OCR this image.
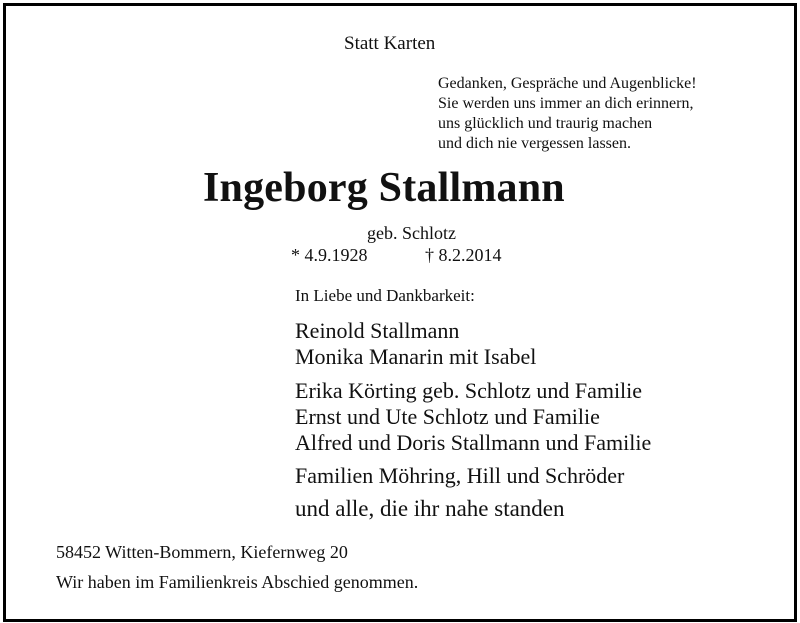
Statt Karten
Gedanken, Gespräche und Augenblicke!
Sie werden uns immer an dich erinnern,
uns glücklich und traurig machen
und dich nie vergessen lassen.
Ingeborg Stallmann
geb. Schlotz
* 4.9.1928	† 8.2.2014
In Liebe und Dankbarkeit:
Reinold Stallmann
Monika Manarin mit Isabel
Erika Körting geb. Schlotz und Familie
Ernst und Ute Schlotz und Familie
Alfred und Doris Stallmann und Familie
Familien Möhring, Hill und Schröder
und alle, die ihr nahe standen
58452 Witten-Bommern, Kiefernweg 20
Wir haben im Familienkreis Abschied genommen.
